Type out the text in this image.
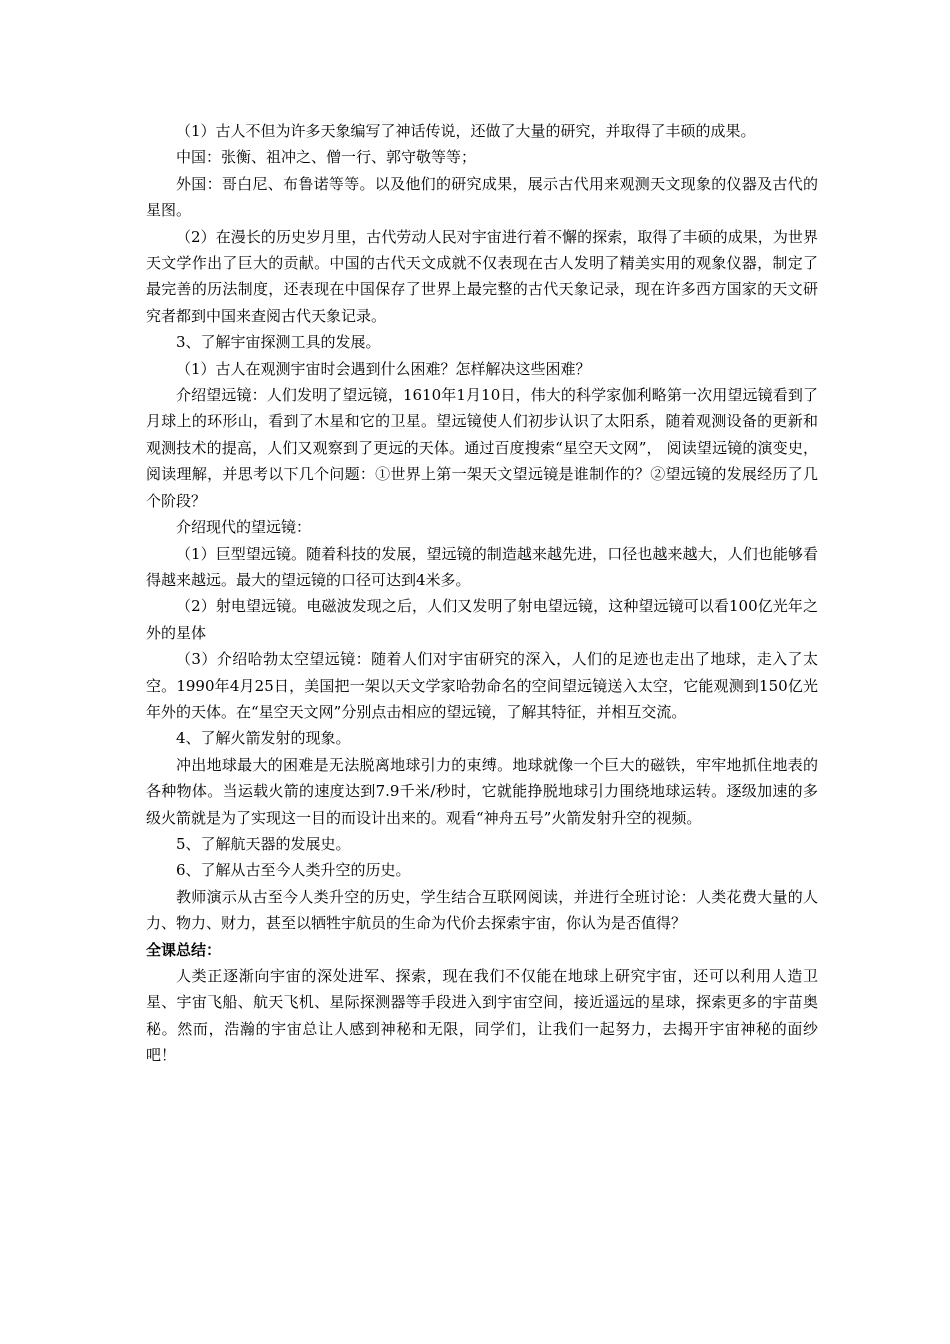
（1）古人不但为许多天象编写了神话传说，还做了大量的研究，并取得了丰硕的成果。

中国：张衡、祖冲之、僧一行、郭守敬等等；

外国：哥白尼、布鲁诺等等。以及他们的研究成果，展示古代用来观测天文现象的仪器及古代的星图。

（2）在漫长的历史岁月里，古代劳动人民对宇宙进行着不懈的探索，取得了丰硕的成果，为世界天文学作出了巨大的贡献。中国的古代天文成就不仅表现在古人发明了精美实用的观象仪器，制定了最完善的历法制度，还表现在中国保存了世界上最完整的古代天象记录，现在许多西方国家的天文研究者都到中国来查阅古代天象记录。

3、了解宇宙探测工具的发展。

（1）古人在观测宇宙时会遇到什么困难？怎样解决这些困难？

介绍望远镜：人们发明了望远镜，1610年1月10日，伟大的科学家伽利略第一次用望远镜看到了月球上的环形山，看到了木星和它的卫星。望远镜使人们初步认识了太阳系，随着观测设备的更新和观测技术的提高，人们又观察到了更远的天体。通过百度搜索“星空天文网”， 阅读望远镜的演变史，阅读理解，并思考以下几个问题：①世界上第一架天文望远镜是谁制作的？②望远镜的发展经历了几个阶段？

介绍现代的望远镜：

（1）巨型望远镜。随着科技的发展，望远镜的制造越来越先进，口径也越来越大，人们也能够看得越来越远。最大的望远镜的口径可达到4米多。

（2）射电望远镜。电磁波发现之后，人们又发明了射电望远镜，这种望远镜可以看100亿光年之外的星体

（3）介绍哈勃太空望远镜：随着人们对宇宙研究的深入，人们的足迹也走出了地球，走入了太空。1990年4月25日，美国把一架以天文学家哈勃命名的空间望远镜送入太空，它能观测到150亿光年外的天体。在“星空天文网”分别点击相应的望远镜，了解其特征，并相互交流。

4、了解火箭发射的现象。

冲出地球最大的困难是无法脱离地球引力的束缚。地球就像一个巨大的磁铁，牢牢地抓住地表的各种物体。当运载火箭的速度达到7.9千米/秒时，它就能挣脱地球引力围绕地球运转。逐级加速的多级火箭就是为了实现这一目的而设计出来的。观看“神舟五号”火箭发射升空的视频。

5、了解航天器的发展史。

6、了解从古至今人类升空的历史。

教师演示从古至今人类升空的历史，学生结合互联网阅读，并进行全班讨论：人类花费大量的人力、物力、财力，甚至以牺牲宇航员的生命为代价去探索宇宙，你认为是否值得？

全课总结：

人类正逐渐向宇宙的深处进军、探索，现在我们不仅能在地球上研究宇宙，还可以利用人造卫星、宇宙飞船、航天飞机、星际探测器等手段进入到宇宙空间，接近遥远的星球，探索更多的宇苗奥秘。然而，浩瀚的宇宙总让人感到神秘和无限，同学们，让我们一起努力，去揭开宇宙神秘的面纱吧！
